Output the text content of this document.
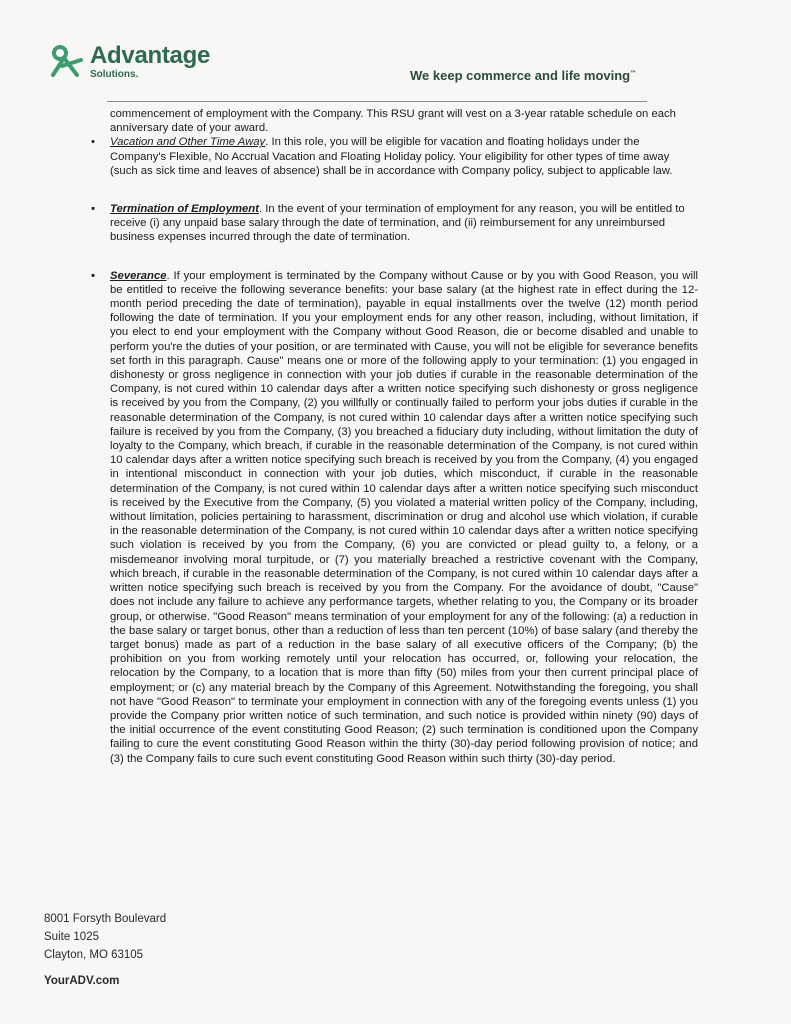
Advantage
Solutions.	We keep commerce and life moving™

commencement of employment with the Company. This RSU grant will vest on a 3-year ratable schedule on each anniversary date of your award.

• Vacation and Other Time Away. In this role, you will be eligible for vacation and floating holidays under the Company's Flexible, No Accrual Vacation and Floating Holiday policy. Your eligibility for other types of time away (such as sick time and leaves of absence) shall be in accordance with Company policy, subject to applicable law.

▪ Termination of Employment. In the event of your termination of employment for any reason, you will be entitled to receive (i) any unpaid base salary through the date of termination, and (ii) reimbursement for any unreimbursed business expenses incurred through the date of termination.

▪ Severance. If your employment is terminated by the Company without Cause or by you with Good Reason, you will be entitled to receive the following severance benefits: your base salary (at the highest rate in effect during the 12-month period preceding the date of termination), payable in equal installments over the twelve (12) month period following the date of termination. If you your employment ends for any other reason, including, without limitation, if you elect to end your employment with the Company without Good Reason, die or become disabled and unable to perform you're the duties of your position, or are terminated with Cause, you will not be eligible for severance benefits set forth in this paragraph. Cause" means one or more of the following apply to your termination: (1) you engaged in dishonesty or gross negligence in connection with your job duties if curable in the reasonable determination of the Company, is not cured within 10 calendar days after a written notice specifying such dishonesty or gross negligence is received by you from the Company, (2) you willfully or continually failed to perform your jobs duties if curable in the reasonable determination of the Company, is not cured within 10 calendar days after a written notice specifying such failure is received by you from the Company, (3) you breached a fiduciary duty including, without limitation the duty of loyalty to the Company, which breach, if curable in the reasonable determination of the Company, is not cured within 10 calendar days after a written notice specifying such breach is received by you from the Company, (4) you engaged in intentional misconduct in connection with your job duties, which misconduct, if curable in the reasonable determination of the Company, is not cured within 10 calendar days after a written notice specifying such misconduct is received by the Executive from the Company, (5) you violated a material written policy of the Company, including, without limitation, policies pertaining to harassment, discrimination or drug and alcohol use which violation, if curable in the reasonable determination of the Company, is not cured within 10 calendar days after a written notice specifying such violation is received by you from the Company, (6) you are convicted or plead guilty to, a felony, or a misdemeanor involving moral turpitude, or (7) you materially breached a restrictive covenant with the Company, which breach, if curable in the reasonable determination of the Company, is not cured within 10 calendar days after a written notice specifying such breach is received by you from the Company. For the avoidance of doubt, "Cause" does not include any failure to achieve any performance targets, whether relating to you, the Company or its broader group, or otherwise. "Good Reason" means termination of your employment for any of the following: (a) a reduction in the base salary or target bonus, other than a reduction of less than ten percent (10%) of base salary (and thereby the target bonus) made as part of a reduction in the base salary of all executive officers of the Company; (b) the prohibition on you from working remotely until your relocation has occurred, or, following your relocation, the relocation by the Company, to a location that is more than fifty (50) miles from your then current principal place of employment; or (c) any material breach by the Company of this Agreement. Notwithstanding the foregoing, you shall not have "Good Reason" to terminate your employment in connection with any of the foregoing events unless (1) you provide the Company prior written notice of such termination, and such notice is provided within ninety (90) days of the initial occurrence of the event constituting Good Reason; (2) such termination is conditioned upon the Company failing to cure the event constituting Good Reason within the thirty (30)-day period following provision of notice; and (3) the Company fails to cure such event constituting Good Reason within such thirty (30)-day period.

8001 Forsyth Boulevard
Suite 1025
Clayton, MO 63105
YourADV.com
